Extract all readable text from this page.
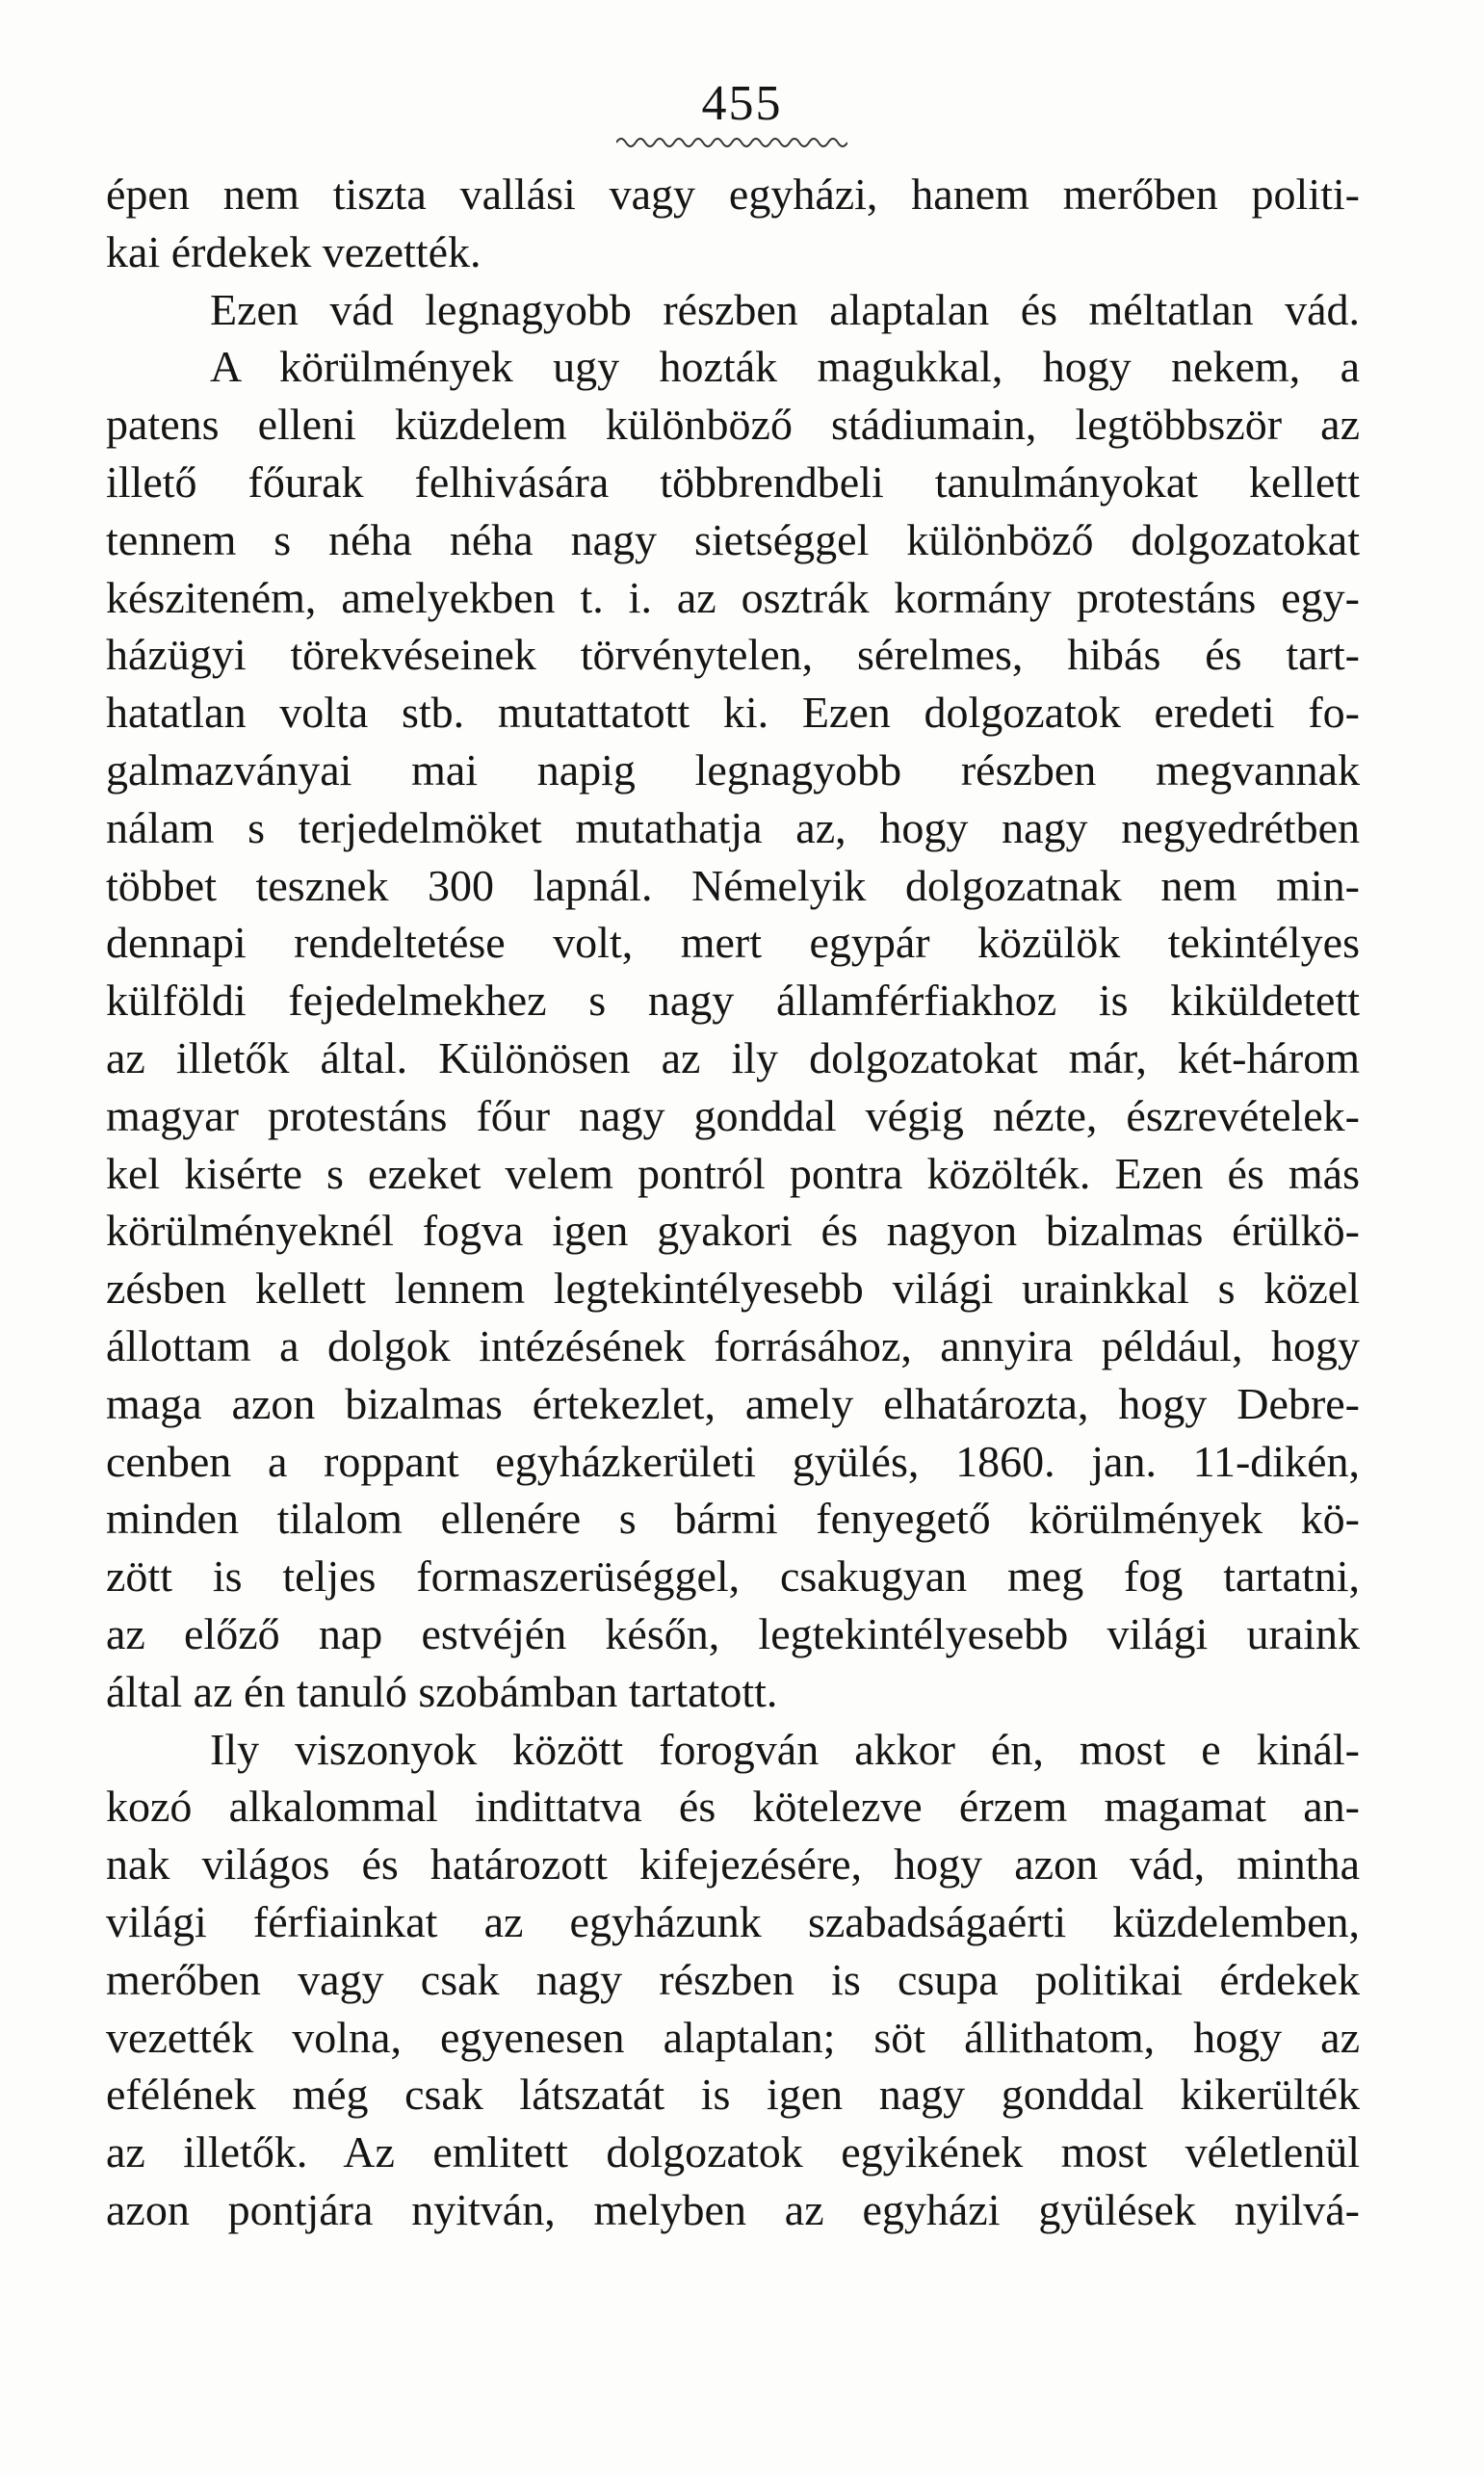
455
épen nem tiszta vallási vagy egyházi, hanem merőben politi-
kai érdekek vezették.
Ezen vád legnagyobb részben alaptalan és méltatlan vád.
A körülmények ugy hozták magukkal, hogy nekem, a
patens elleni küzdelem különböző stádiumain, legtöbbször az
illető főurak felhivására többrendbeli tanulmányokat kellett
tennem s néha néha nagy sietséggel különböző dolgozatokat
késziteném, amelyekben t. i. az osztrák kormány protestáns egy-
házügyi törekvéseinek törvénytelen, sérelmes, hibás és tart-
hatatlan volta stb. mutattatott ki. Ezen dolgozatok eredeti fo-
galmazványai mai napig legnagyobb részben megvannak
nálam s terjedelmöket mutathatja az, hogy nagy negyedrétben
többet tesznek 300 lapnál. Némelyik dolgozatnak nem min-
dennapi rendeltetése volt, mert egypár közülök tekintélyes
külföldi fejedelmekhez s nagy államférfiakhoz is kiküldetett
az illetők által. Különösen az ily dolgozatokat már, két-három
magyar protestáns főur nagy gonddal végig nézte, észrevételek-
kel kisérte s ezeket velem pontról pontra közölték. Ezen és más
körülményeknél fogva igen gyakori és nagyon bizalmas érülkö-
zésben kellett lennem legtekintélyesebb világi urainkkal s közel
állottam a dolgok intézésének forrásához, annyira például, hogy
maga azon bizalmas értekezlet, amely elhatározta, hogy Debre-
cenben a roppant egyházkerületi gyülés, 1860. jan. 11-dikén,
minden tilalom ellenére s bármi fenyegető körülmények kö-
zött is teljes formaszerüséggel, csakugyan meg fog tartatni,
az előző nap estvéjén későn, legtekintélyesebb világi uraink
által az én tanuló szobámban tartatott.
Ily viszonyok között forogván akkor én, most e kinál-
kozó alkalommal indittatva és kötelezve érzem magamat an-
nak világos és határozott kifejezésére, hogy azon vád, mintha
világi férfiainkat az egyházunk szabadságaérti küzdelemben,
merőben vagy csak nagy részben is csupa politikai érdekek
vezették volna, egyenesen alaptalan; söt állithatom, hogy az
efélének még csak látszatát is igen nagy gonddal kikerülték
az illetők. Az emlitett dolgozatok egyikének most véletlenül
azon pontjára nyitván, melyben az egyházi gyülések nyilvá-
